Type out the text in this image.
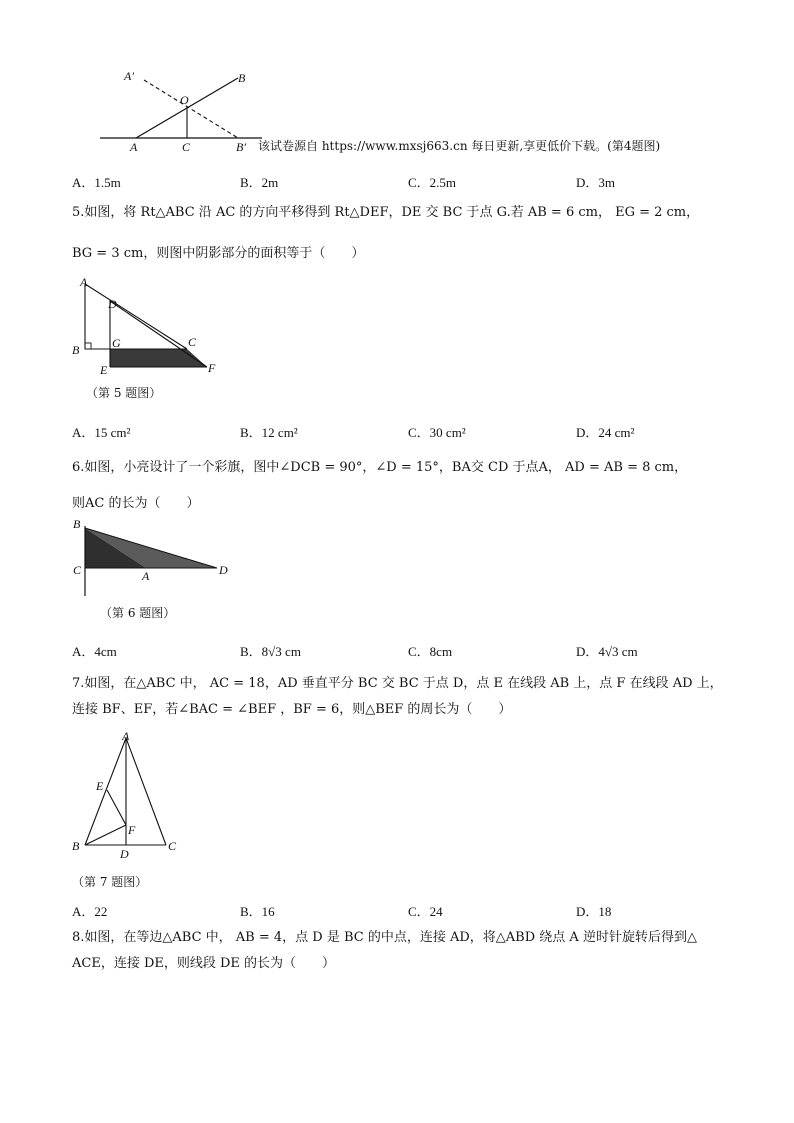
A′	B
O
A	C	B′ 该试卷源自 https://www.mxsj663.cn 每日更新,享更低价下载。(第4题图)
A．1.5m	B．2m	C．2.5m	D．3m
5.如图，将 Rt△ABC 沿 AC 的方向平移得到 Rt△DEF，DE 交 BC 于点 G.若 AB = 6 cm， EG = 2 cm，
BG = 3 cm，则图中阴影部分的面积等于（　　）
A
D
B	G	C
E	F
（第 5 题图）
A．15 cm²	B．12 cm²	C．30 cm²	D．24 cm²
6.如图，小亮设计了一个彩旗，图中∠DCB = 90°，∠D = 15°，BA交 CD 于点A， AD = AB = 8 cm，
则AC 的长为（　　）
B
C	A	D
（第 6 题图）
A．4cm	B．8√3 cm	C．8cm	D．4√3 cm
7.如图，在△ABC 中， AC = 18，AD 垂直平分 BC 交 BC 于点 D，点 E 在线段 AB 上，点 F 在线段 AD 上，
连接 BF、EF，若∠BAC = ∠BEF ，BF = 6，则△BEF 的周长为（　　）
A
E
F
B
D
C
（第 7 题图）
A．22	B．16	C．24	D．18
8.如图，在等边△ABC 中， AB = 4，点 D 是 BC 的中点，连接 AD，将△ABD 绕点 A 逆时针旋转后得到△
ACE，连接 DE，则线段 DE 的长为（　　）
